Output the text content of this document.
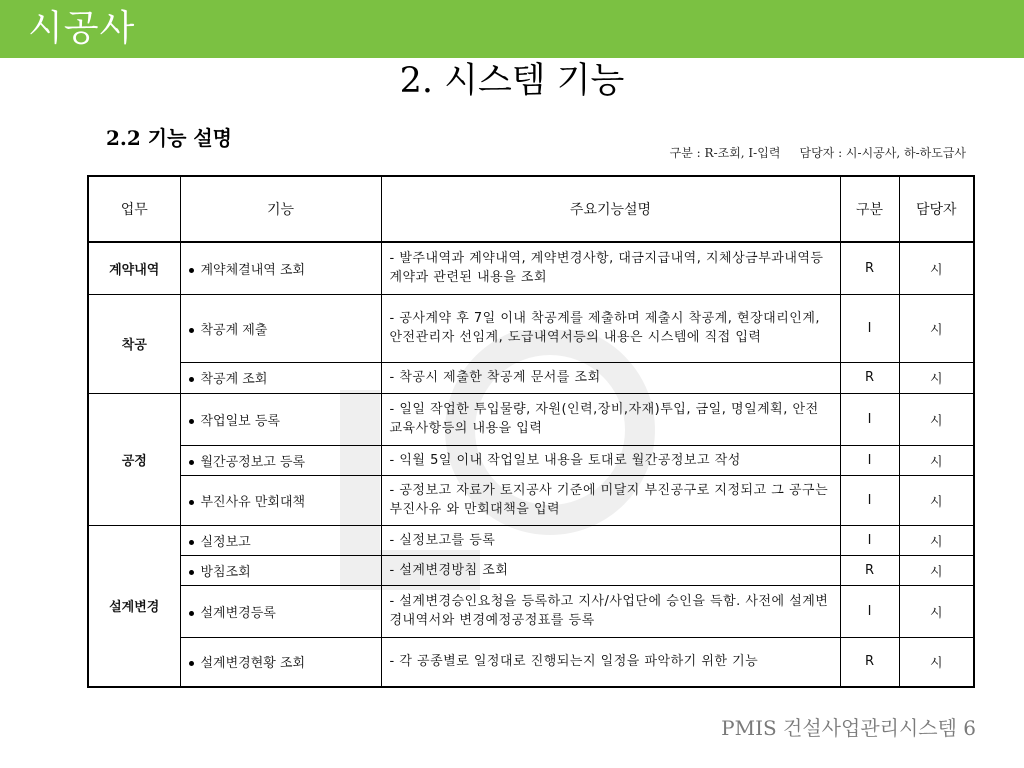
시공사
2. 시스템 기능
2.2 기능 설명
구분 : R-조회, I-입력     담당자 : 시-시공사, 하-하도급사
업무	기능	주요기능설명	구분	담당자
계약내역	계약체결내역 조회	- 발주내역과 계약내역, 계약변경사항, 대금지급내역, 지체상금부과내역등 계약과 관련된 내용을 조회	R	시
착공	착공계 제출	- 공사계약 후 7일 이내 착공계를 제출하며 제출시 착공계, 현장대리인계, 안전관리자 선임계, 도급내역서등의 내용은 시스템에 직접 입력	I	시
	착공계 조회	- 착공시 제출한 착공계 문서를 조회	R	시
공정	작업일보 등록	- 일일 작업한 투입물량, 자원(인력,장비,자재)투입, 금일, 명일계획, 안전교육사항등의 내용을 입력	I	시
	월간공정보고 등록	- 익월 5일 이내 작업일보 내용을 토대로 월간공정보고 작성	I	시
	부진사유 만회대책	- 공정보고 자료가 토지공사 기준에 미달지 부진공구로 지정되고 그 공구는 부진사유 와 만회대책을 입력	I	시
설계변경	실정보고	- 실정보고를 등록	I	시
	방침조회	- 설계변경방침 조회	R	시
	설계변경등록	- 설계변경승인요청을 등록하고 지사/사업단에 승인을 득함. 사전에 설계변경내역서와 변경예정공정표를 등록	I	시
	설계변경현황 조회	- 각 공종별로 일정대로 진행되는지 일정을 파악하기 위한 기능	R	시
PMIS 건설사업관리시스템 6
